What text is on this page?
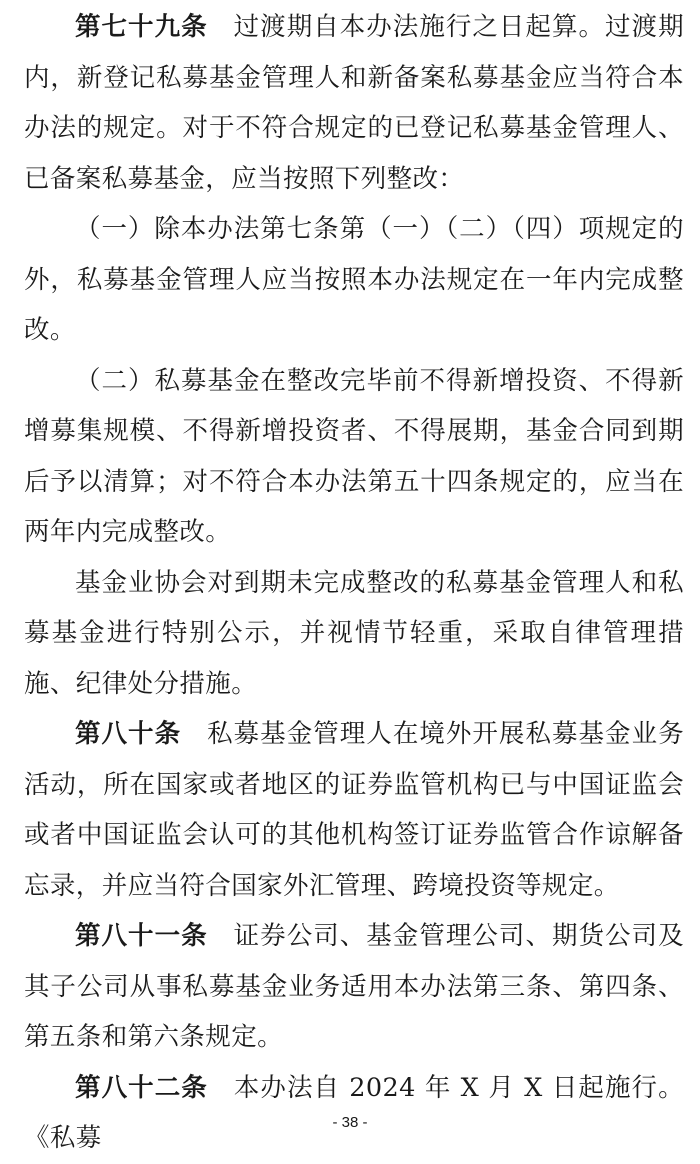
第七十九条 过渡期自本办法施行之日起算。过渡期内，新登记私募基金管理人和新备案私募基金应当符合本办法的规定。对于不符合规定的已登记私募基金管理人、已备案私募基金，应当按照下列整改：

（一）除本办法第七条第（一）（二）（四）项规定的外，私募基金管理人应当按照本办法规定在一年内完成整改。

（二）私募基金在整改完毕前不得新增投资、不得新增募集规模、不得新增投资者、不得展期，基金合同到期后予以清算；对不符合本办法第五十四条规定的，应当在两年内完成整改。

基金业协会对到期未完成整改的私募基金管理人和私募基金进行特别公示，并视情节轻重，采取自律管理措施、纪律处分措施。

第八十条 私募基金管理人在境外开展私募基金业务活动，所在国家或者地区的证券监管机构已与中国证监会或者中国证监会认可的其他机构签订证券监管合作谅解备忘录，并应当符合国家外汇管理、跨境投资等规定。

第八十一条 证券公司、基金管理公司、期货公司及其子公司从事私募基金业务适用本办法第三条、第四条、第五条和第六条规定。

第八十二条 本办法自 2024 年 X 月 X 日起施行。《私募

- 38 -
